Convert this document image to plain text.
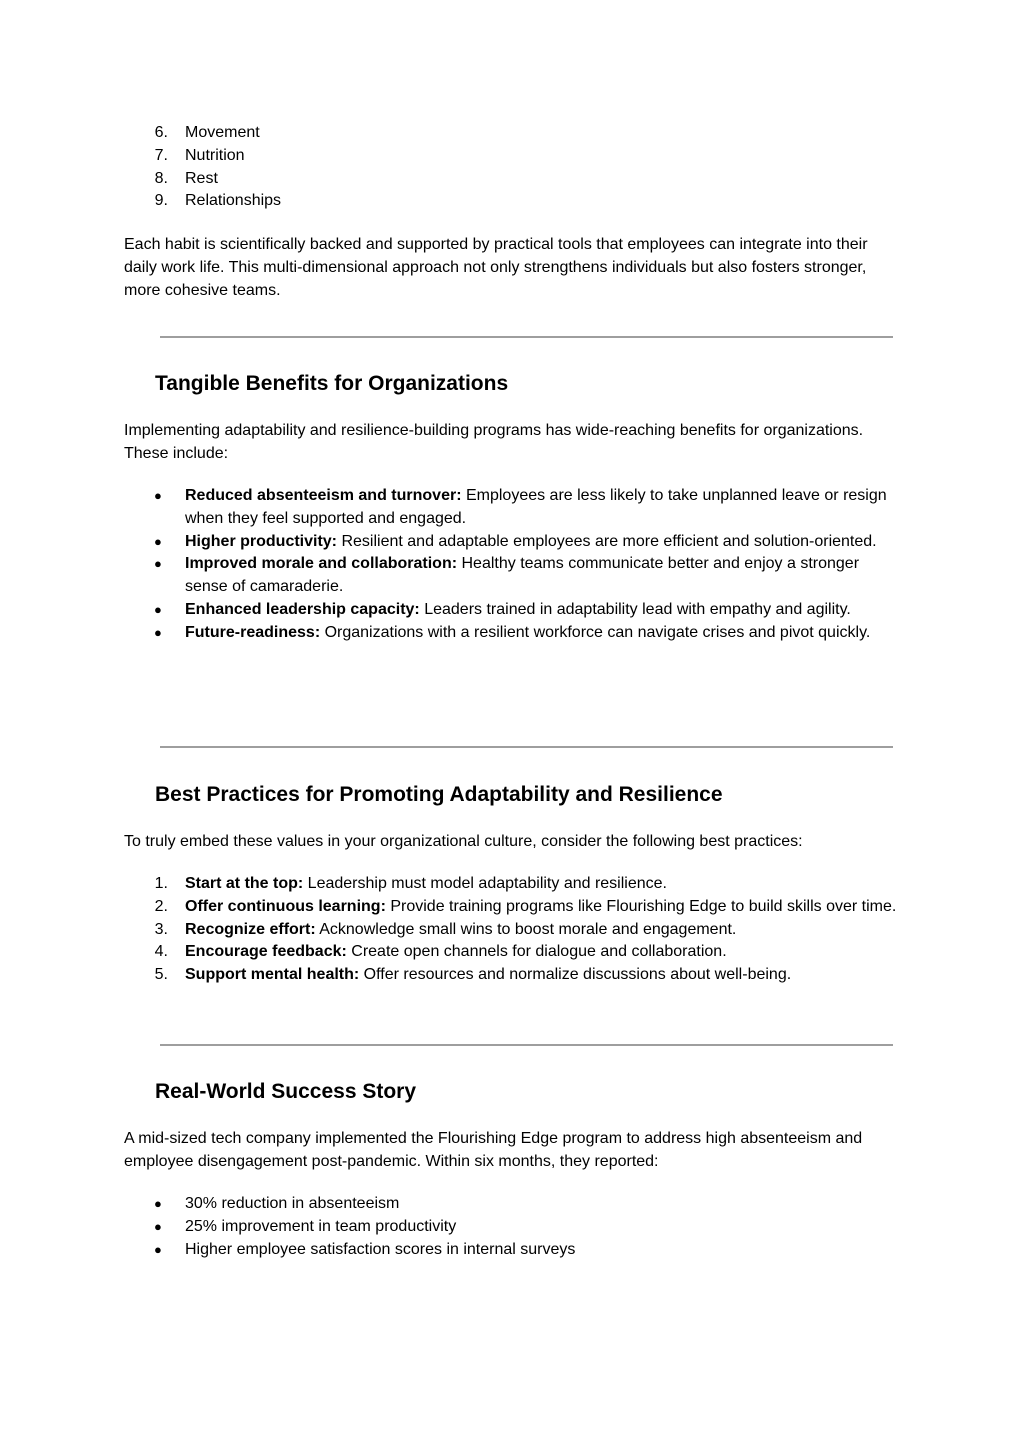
6. Movement
7. Nutrition
8. Rest
9. Relationships

Each habit is scientifically backed and supported by practical tools that employees can integrate into their daily work life. This multi-dimensional approach not only strengthens individuals but also fosters stronger, more cohesive teams.

Tangible Benefits for Organizations

Implementing adaptability and resilience-building programs has wide-reaching benefits for organizations. These include:

● Reduced absenteeism and turnover: Employees are less likely to take unplanned leave or resign when they feel supported and engaged.
● Higher productivity: Resilient and adaptable employees are more efficient and solution-oriented.
● Improved morale and collaboration: Healthy teams communicate better and enjoy a stronger sense of camaraderie.
● Enhanced leadership capacity: Leaders trained in adaptability lead with empathy and agility.
● Future-readiness: Organizations with a resilient workforce can navigate crises and pivot quickly.
Best Practices for Promoting Adaptability and Resilience

To truly embed these values in your organizational culture, consider the following best practices:

1. Start at the top: Leadership must model adaptability and resilience.
2. Offer continuous learning: Provide training programs like Flourishing Edge to build skills over time.
3. Recognize effort: Acknowledge small wins to boost morale and engagement.
4. Encourage feedback: Create open channels for dialogue and collaboration.
5. Support mental health: Offer resources and normalize discussions about well-being.
Real-World Success Story

A mid-sized tech company implemented the Flourishing Edge program to address high absenteeism and employee disengagement post-pandemic. Within six months, they reported:

● 30% reduction in absenteeism
● 25% improvement in team productivity
● Higher employee satisfaction scores in internal surveys
